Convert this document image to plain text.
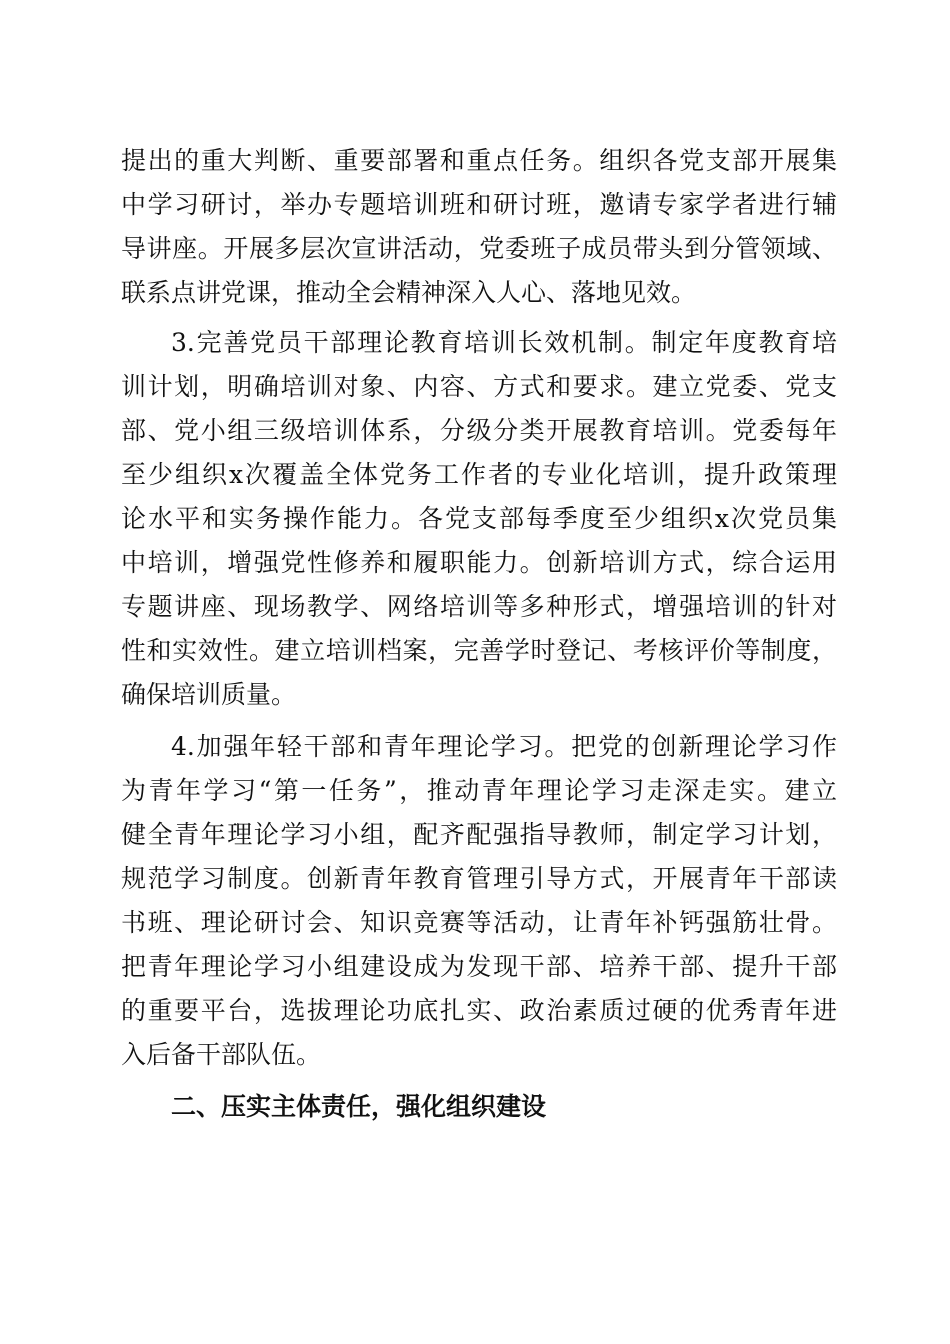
提出的重大判断、重要部署和重点任务。组织各党支部开展集
中学习研讨，举办专题培训班和研讨班，邀请专家学者进行辅
导讲座。开展多层次宣讲活动，党委班子成员带头到分管领域、
联系点讲党课，推动全会精神深入人心、落地见效。
3.完善党员干部理论教育培训长效机制。制定年度教育培
训计划，明确培训对象、内容、方式和要求。建立党委、党支
部、党小组三级培训体系，分级分类开展教育培训。党委每年
至少组织x次覆盖全体党务工作者的专业化培训，提升政策理
论水平和实务操作能力。各党支部每季度至少组织x次党员集
中培训，增强党性修养和履职能力。创新培训方式，综合运用
专题讲座、现场教学、网络培训等多种形式，增强培训的针对
性和实效性。建立培训档案，完善学时登记、考核评价等制度，
确保培训质量。
4.加强年轻干部和青年理论学习。把党的创新理论学习作
为青年学习“第一任务”，推动青年理论学习走深走实。建立
健全青年理论学习小组，配齐配强指导教师，制定学习计划，
规范学习制度。创新青年教育管理引导方式，开展青年干部读
书班、理论研讨会、知识竞赛等活动，让青年补钙强筋壮骨。
把青年理论学习小组建设成为发现干部、培养干部、提升干部
的重要平台，选拔理论功底扎实、政治素质过硬的优秀青年进
入后备干部队伍。
二、压实主体责任，强化组织建设
